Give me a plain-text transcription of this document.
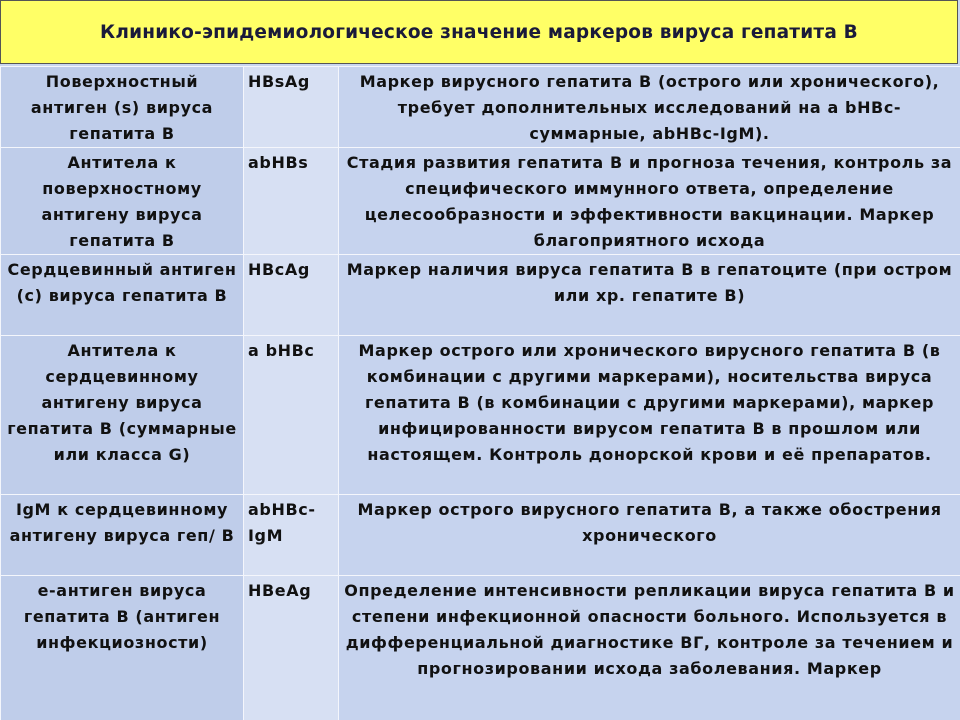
Клинико-эпидемиологическое значение маркеров вируса гепатита В
Поверхностный антиген (s) вируса гепатита В	HBsAg	Маркер вирусного гепатита В (острого или хронического), требует дополнительных исследований на а bHBc-суммарные, abHBc-IgM).
Антитела к поверхностному антигену вируса гепатита В	abHBs	Стадия развития гепатита В и прогноза течения, контроль за специфического иммунного ответа, определение целесообразности и эффективности вакцинации. Маркер благоприятного исхода
Сердцевинный антиген (с) вируса гепатита В	HBcAg	Маркер наличия вируса гепатита В в гепатоците (при остром или хр. гепатите В)
Антитела к сердцевинному антигену вируса гепатита В (суммарные или класса G)	a bHBc	Маркер острого или хронического вирусного гепатита В (в комбинации с другими маркерами), носительства вируса гепатита В (в комбинации с другими маркерами), маркер инфицированности вирусом гепатита В в прошлом или настоящем. Контроль донорской крови и её препаратов.
IgM к сердцевинному антигену вируса геп/ В	abHBc-IgM	Маркер острого вирусного гепатита В, а также обострения хронического
е-антиген вируса гепатита В (антиген инфекциозности)	HBeAg	Определение интенсивности репликации вируса гепатита В и степени инфекционной опасности больного. Используется в дифференциальной диагностике ВГ, контроле за течением и прогнозировании исхода заболевания. Маркер
